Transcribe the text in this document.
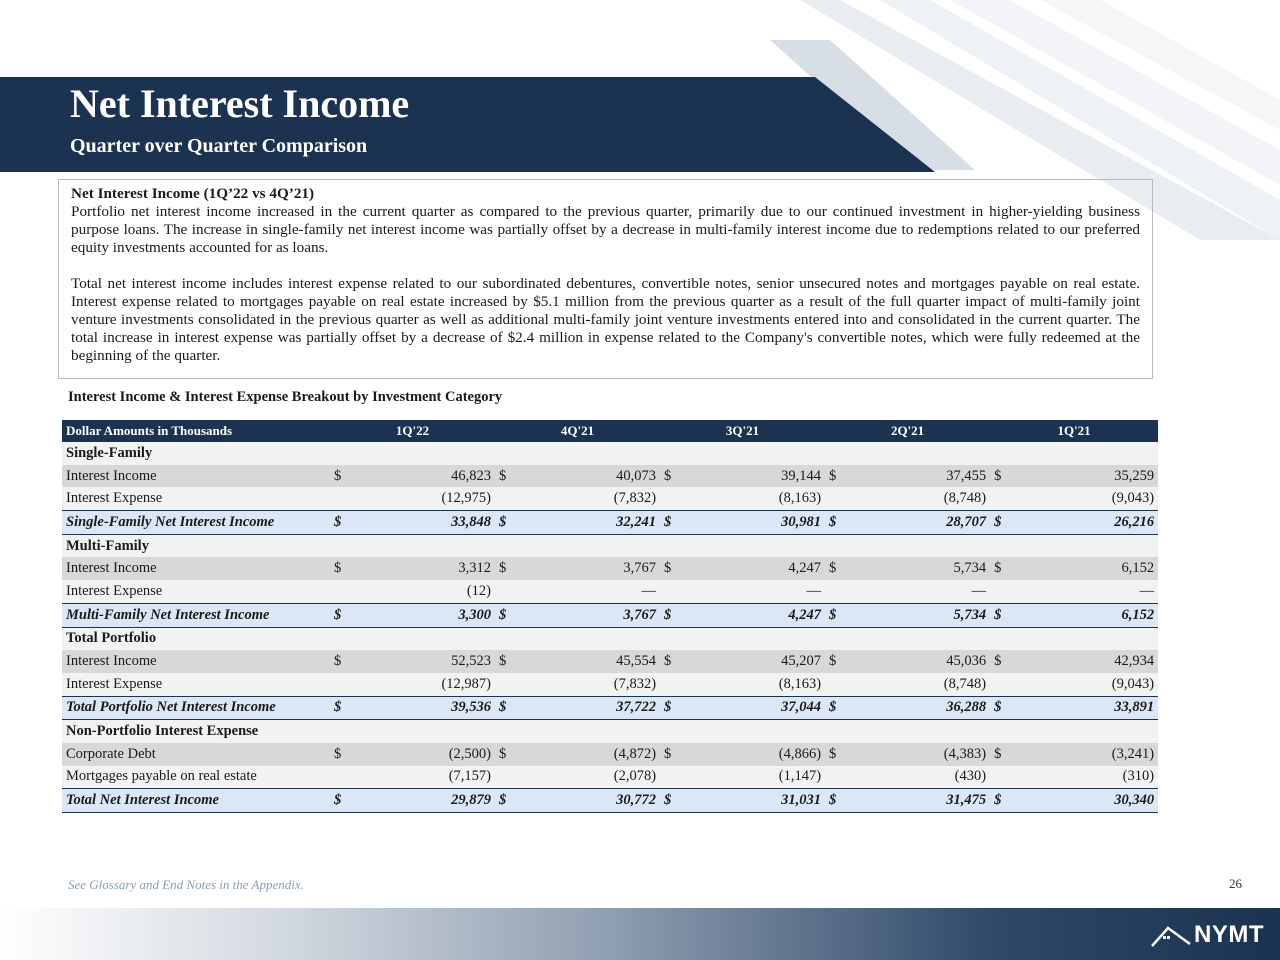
Net Interest Income
Quarter over Quarter Comparison

Net Interest Income (1Q’22 vs 4Q’21)

Portfolio net interest income increased in the current quarter as compared to the previous quarter, primarily due to our continued investment in higher-yielding business purpose loans. The increase in single-family net interest income was partially offset by a decrease in multi-family interest income due to redemptions related to our preferred equity investments accounted for as loans.

Total net interest income includes interest expense related to our subordinated debentures, convertible notes, senior unsecured notes and mortgages payable on real estate. Interest expense related to mortgages payable on real estate increased by $5.1 million from the previous quarter as a result of the full quarter impact of multi-family joint venture investments consolidated in the previous quarter as well as additional multi-family joint venture investments entered into and consolidated in the current quarter. The total increase in interest expense was partially offset by a decrease of $2.4 million in expense related to the Company's convertible notes, which were fully redeemed at the beginning of the quarter.

Interest Income & Interest Expense Breakout by Investment Category

Dollar Amounts in Thousands	1Q'22		4Q'21		3Q'21		2Q'21		1Q'21	
Single-Family										
Interest Income	$	46,823	$	40,073	$	39,144	$	37,455	$	35,259
Interest Expense		(12,975)		(7,832)		(8,163)		(8,748)		(9,043)
Single-Family Net Interest Income	$	33,848	$	32,241	$	30,981	$	28,707	$	26,216
Multi-Family										
Interest Income	$	3,312	$	3,767	$	4,247	$	5,734	$	6,152
Interest Expense		(12)		—		—		—		—
Multi-Family Net Interest Income	$	3,300	$	3,767	$	4,247	$	5,734	$	6,152
Total Portfolio										
Interest Income	$	52,523	$	45,554	$	45,207	$	45,036	$	42,934
Interest Expense		(12,987)		(7,832)		(8,163)		(8,748)		(9,043)
Total Portfolio Net Interest Income	$	39,536	$	37,722	$	37,044	$	36,288	$	33,891
Non-Portfolio Interest Expense										
Corporate Debt	$	(2,500)	$	(4,872)	$	(4,866)	$	(4,383)	$	(3,241)
Mortgages payable on real estate		(7,157)		(2,078)		(1,147)		(430)		(310)
Total Net Interest Income	$	29,879	$	30,772	$	31,031	$	31,475	$	30,340

See Glossary and End Notes in the Appendix.	26

NYMT
